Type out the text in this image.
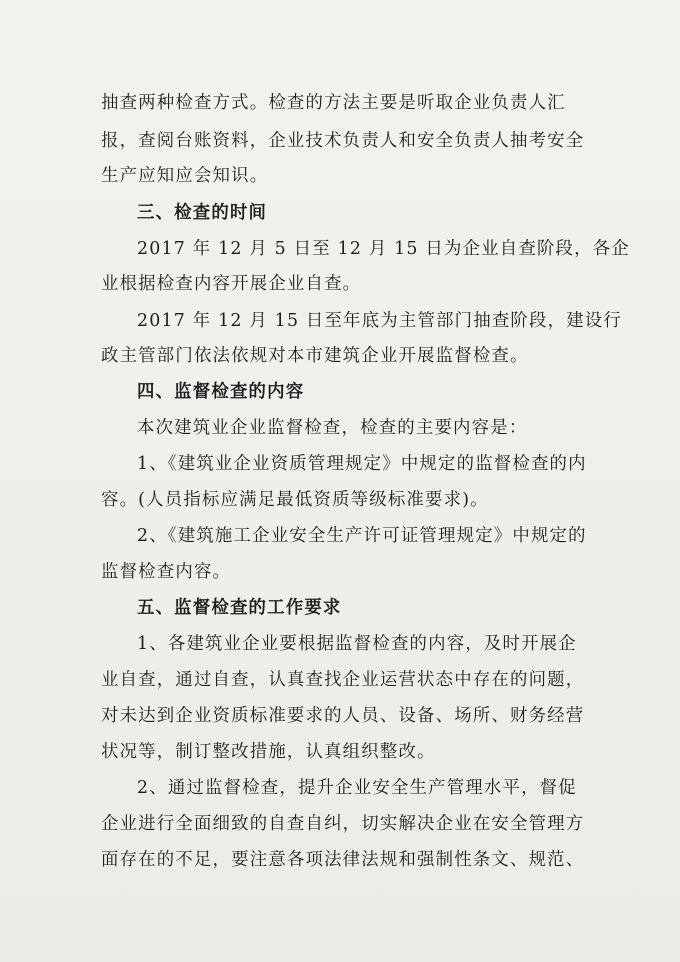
抽查两种检查方式。检查的方法主要是听取企业负责人汇
报，查阅台账资料，企业技术负责人和安全负责人抽考安全
生产应知应会知识。
三、检查的时间
2017 年 12 月 5 日至 12 月 15 日为企业自查阶段，各企
业根据检查内容开展企业自查。
2017 年 12 月 15 日至年底为主管部门抽查阶段，建设行
政主管部门依法依规对本市建筑企业开展监督检查。
四、监督检查的内容
本次建筑业企业监督检查，检查的主要内容是：
1、《建筑业企业资质管理规定》中规定的监督检查的内
容。(人员指标应满足最低资质等级标准要求)。
2、《建筑施工企业安全生产许可证管理规定》中规定的
监督检查内容。
五、监督检查的工作要求
1、各建筑业企业要根据监督检查的内容，及时开展企
业自查，通过自查，认真查找企业运营状态中存在的问题，
对未达到企业资质标准要求的人员、设备、场所、财务经营
状况等，制订整改措施，认真组织整改。
2、通过监督检查，提升企业安全生产管理水平，督促
企业进行全面细致的自查自纠，切实解决企业在安全管理方
面存在的不足，要注意各项法律法规和强制性条文、规范、
